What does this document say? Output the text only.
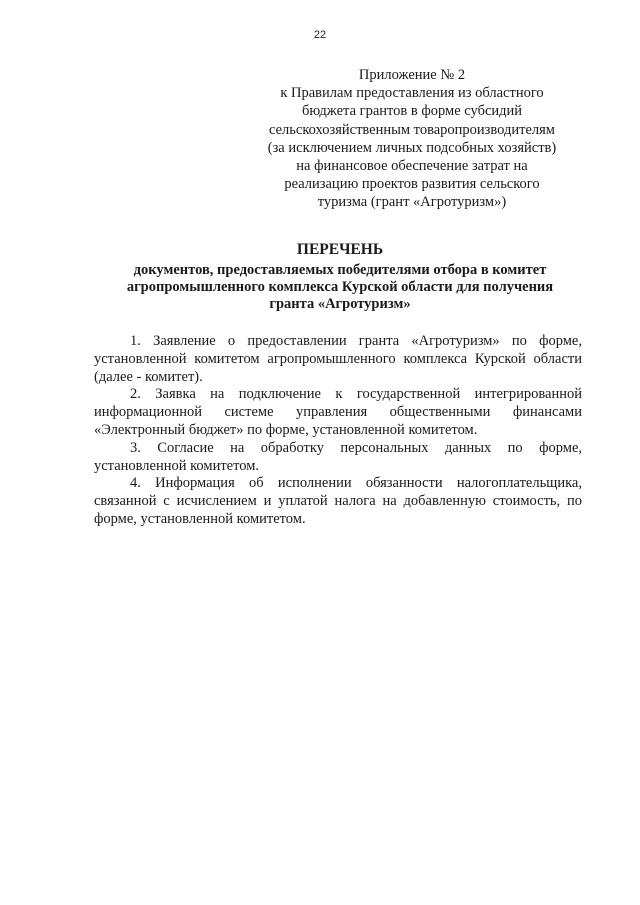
22
Приложение № 2
к Правилам предоставления из областного
бюджета грантов в форме субсидий
сельскохозяйственным товаропроизводителям
(за исключением личных подсобных хозяйств)
на финансовое обеспечение затрат на
реализацию проектов развития сельского
туризма (грант «Агротуризм»)
ПЕРЕЧЕНЬ
документов, предоставляемых победителями отбора в комитет
агропромышленного комплекса Курской области для получения
гранта «Агротуризм»
1. Заявление о предоставлении гранта «Агротуризм» по форме,
установленной комитетом агропромышленного комплекса Курской области
(далее - комитет).
2. Заявка на подключение к государственной интегрированной
информационной системе управления общественными финансами
«Электронный бюджет» по форме, установленной комитетом.
3. Согласие на обработку персональных данных по форме,
установленной комитетом.
4. Информация об исполнении обязанности налогоплательщика,
связанной с исчислением и уплатой налога на добавленную стоимость, по
форме, установленной комитетом.
